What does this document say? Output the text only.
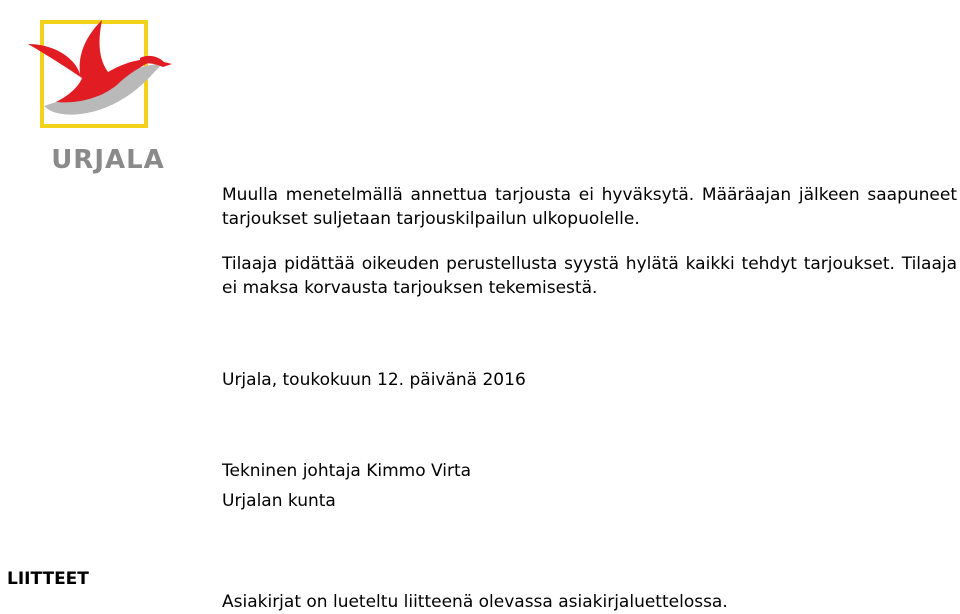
URJALA

Muulla menetelmällä annettua tarjousta ei hyväksytä. Määräajan jälkeen saapuneet tarjoukset suljetaan tarjouskilpailun ulkopuolelle.

Tilaaja pidättää oikeuden perustellusta syystä hylätä kaikki tehdyt tarjoukset. Tilaaja ei maksa korvausta tarjouksen tekemisestä.

Urjala, toukokuun 12. päivänä 2016

Tekninen johtaja Kimmo Virta

Urjalan kunta

LIITTEET

Asiakirjat on lueteltu liitteenä olevassa asiakirjaluettelossa.
